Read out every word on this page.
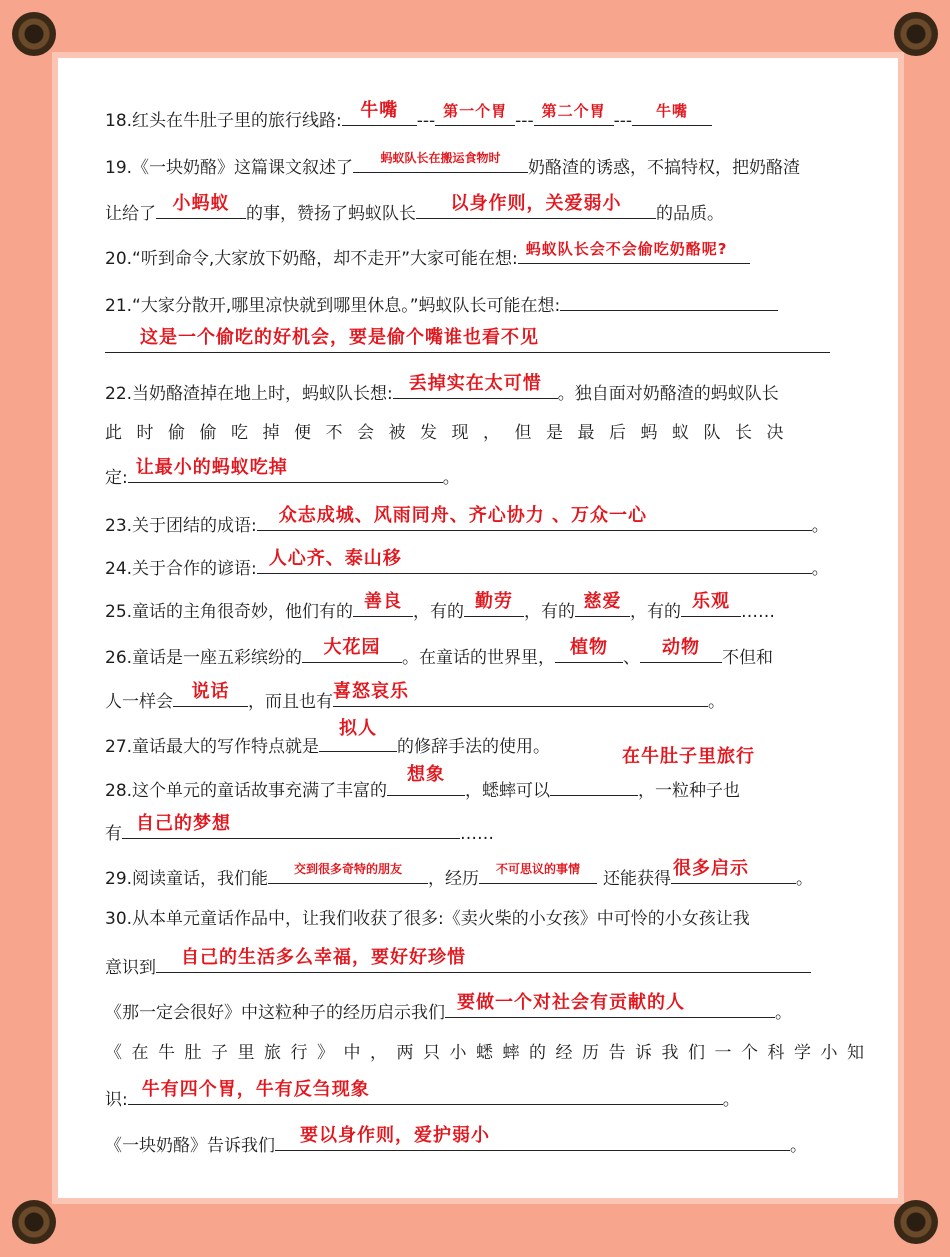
18.红头在牛肚子里的旅行线路:	牛嘴	--- 第一个胃 --- 第二个胃 ---	牛嘴
19.《一块奶酪》这篇课文叙述了	蚂蚁队长在搬运食物时	奶酪渣的诱惑，不搞特权，把奶酪渣
让给了 小蚂蚁 的事，赞扬了蚂蚁队长	以身作则，关爱弱小	的品质。
20.“听到命令,大家放下奶酪，却不走开”大家可能在想: 蚂蚁队长会不会偷吃奶酪呢?
21.“大家分散开,哪里凉快就到哪里休息。”蚂蚁队长可能在想:
这是一个偷吃的好机会，要是偷个嘴谁也看不见
22.当奶酪渣掉在地上时，蚂蚁队长想: 丢掉实在太可惜 。独自面对奶酪渣的蚂蚁队长
此时偷偷吃掉便不会被发现，但是最后蚂蚁队长决
定: 让最小的蚂蚁吃掉	。
23.关于团结的成语:	众志成城、风雨同舟、齐心协力 、万众一心	。
24.关于合作的谚语: 人心齐、泰山移	。
25.童话的主角很奇妙，他们有的 善良 ，有的 勤劳 ，有的 慈爱 ，有的 乐观 ……
26.童话是一座五彩缤纷的	大花园	。在童话的世界里， 植物 、	动物	不但和
人一样会	说话	，而且也有 喜怒哀乐	。
27.童话最大的写作特点就是
拟人
的修辞手法的使用。	在牛肚子里旅行
28.这个单元的童话故事充满了丰富的
想象
，蟋蟀可以	，一粒种子也
有 自己的梦想	……
29.阅读童话，我们能	交到很多奇特的朋友	，经历	不可思议的事情	还能获得 很多启示	。
30.从本单元童话作品中，让我们收获了很多:《卖火柴的小女孩》中可怜的小女孩让我
意识到	自己的生活多么幸福，要好好珍惜
《那一定会很好》中这粒种子的经历启示我们 要做一个对社会有贡献的人	。
《在牛肚子里旅行》中，两只小蟋蟀的经历告诉我们一个科学小知
识: 牛有四个胃，牛有反刍现象	。
《一块奶酪》告诉我们	要以身作则，爱护弱小	。
